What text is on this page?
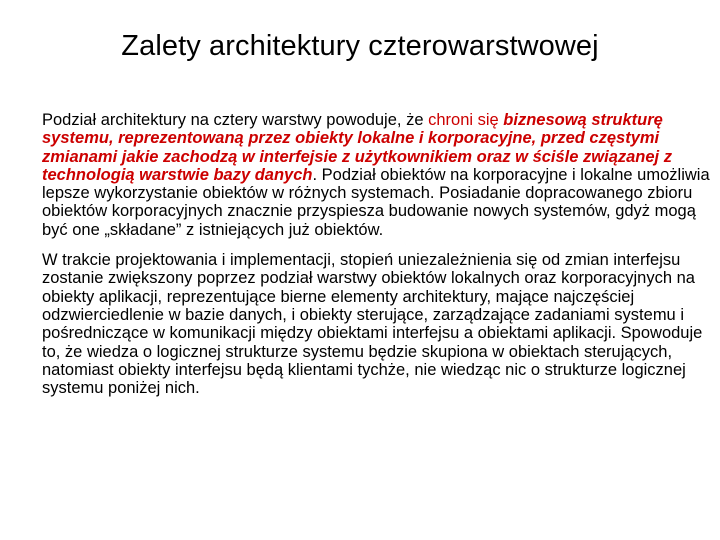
Zalety architektury czterowarstwowej

Podział architektury na cztery warstwy powoduje, że chroni się biznesową strukturę systemu, reprezentowaną przez obiekty lokalne i korporacyjne, przed częstymi zmianami jakie zachodzą w interfejsie z użytkownikiem oraz w ściśle związanej z technologią warstwie bazy danych. Podział obiektów na korporacyjne i lokalne umożliwia lepsze wykorzystanie obiektów w różnych systemach. Posiadanie dopracowanego zbioru obiektów korporacyjnych znacznie przyspiesza budowanie nowych systemów, gdyż mogą być one „składane” z istniejących już obiektów.

W trakcie projektowania i implementacji, stopień uniezależnienia się od zmian interfejsu zostanie zwiększony poprzez podział warstwy obiektów lokalnych oraz korporacyjnych na obiekty aplikacji, reprezentujące bierne elementy architektury, mające najczęściej odzwierciedlenie w bazie danych, i obiekty sterujące, zarządzające zadaniami systemu i pośredniczące w komunikacji między obiektami interfejsu a obiektami aplikacji. Spowoduje to, że wiedza o logicznej strukturze systemu będzie skupiona w obiektach sterujących, natomiast obiekty interfejsu będą klientami tychże, nie wiedząc nic o strukturze logicznej systemu poniżej nich.
